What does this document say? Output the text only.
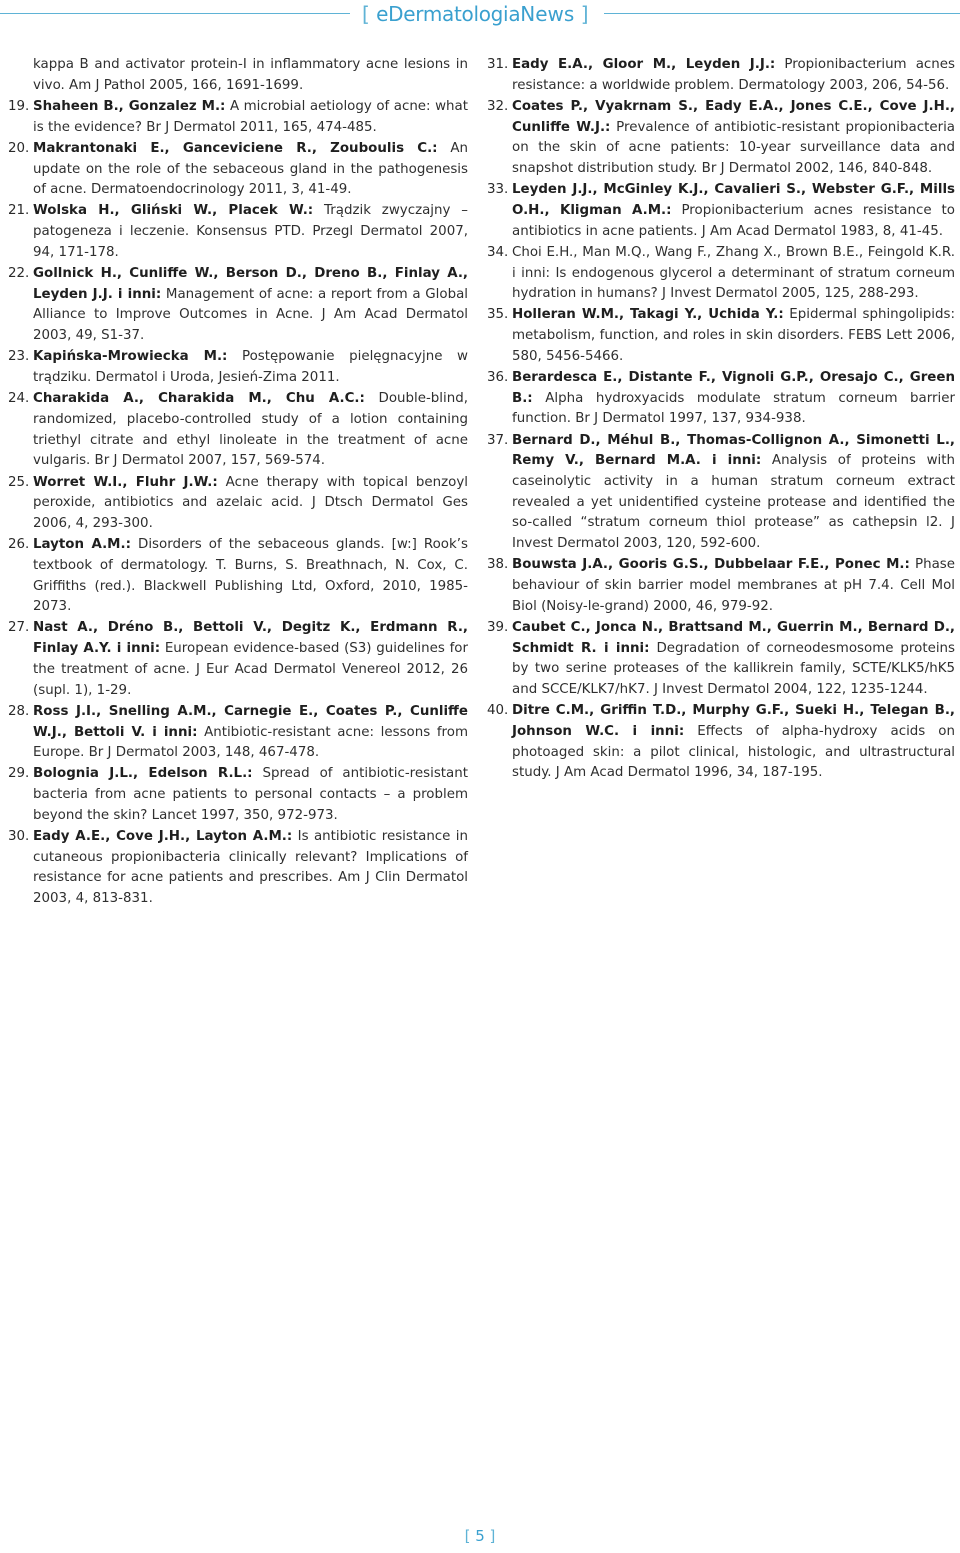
[ eDermatologiaNews ]
kappa B and activator protein-I in inflammatory acne lesions in vivo. Am J Pathol 2005, 166, 1691-1699.
19. Shaheen B., Gonzalez M.: A microbial aetiology of acne: what is the evidence? Br J Dermatol 2011, 165, 474-485.
20. Makrantonaki E., Ganceviciene R., Zouboulis C.: An update on the role of the sebaceous gland in the pathogenesis of acne. Dermatoendocrinology 2011, 3, 41-49.
21. Wolska H., Gliński W., Placek W.: Trądzik zwyczajny – patogeneza i leczenie. Konsensus PTD. Przegl Dermatol 2007, 94, 171-178.
22. Gollnick H., Cunliffe W., Berson D., Dreno B., Finlay A., Leyden J.J. i inni: Management of acne: a report from a Global Alliance to Improve Outcomes in Acne. J Am Acad Dermatol 2003, 49, S1-37.
23. Kapińska-Mrowiecka M.: Postępowanie pielęgnacyjne w trądziku. Dermatol i Uroda, Jesień-Zima 2011.
24. Charakida A., Charakida M., Chu A.C.: Double-blind, randomized, placebo-controlled study of a lotion containing triethyl citrate and ethyl linoleate in the treatment of acne vulgaris. Br J Dermatol 2007, 157, 569-574.
25. Worret W.I., Fluhr J.W.: Acne therapy with topical benzoyl peroxide, antibiotics and azelaic acid. J Dtsch Dermatol Ges 2006, 4, 293-300.
26. Layton A.M.: Disorders of the sebaceous glands. [w:] Rook’s textbook of dermatology. T. Burns, S. Breathnach, N. Cox, C. Griffiths (red.). Blackwell Publishing Ltd, Oxford, 2010, 1985-2073.
27. Nast A., Dréno B., Bettoli V., Degitz K., Erdmann R., Finlay A.Y. i inni: European evidence-based (S3) guidelines for the treatment of acne. J Eur Acad Dermatol Venereol 2012, 26 (supl. 1), 1-29.
28. Ross J.I., Snelling A.M., Carnegie E., Coates P., Cunliffe W.J., Bettoli V. i inni: Antibiotic-resistant acne: lessons from Europe. Br J Dermatol 2003, 148, 467-478.
29. Bolognia J.L., Edelson R.L.: Spread of antibiotic-resistant bacteria from acne patients to personal contacts – a problem beyond the skin? Lancet 1997, 350, 972-973.
30. Eady A.E., Cove J.H., Layton A.M.: Is antibiotic resistance in cutaneous propionibacteria clinically relevant? Implications of resistance for acne patients and prescribes. Am J Clin Dermatol 2003, 4, 813-831.
31. Eady E.A., Gloor M., Leyden J.J.: Propionibacterium acnes resistance: a worldwide problem. Dermatology 2003, 206, 54-56.
32. Coates P., Vyakrnam S., Eady E.A., Jones C.E., Cove J.H., Cunliffe W.J.: Prevalence of antibiotic-resistant propionibacteria on the skin of acne patients: 10-year surveillance data and snapshot distribution study. Br J Dermatol 2002, 146, 840-848.
33. Leyden J.J., McGinley K.J., Cavalieri S., Webster G.F., Mills O.H., Kligman A.M.: Propionibacterium acnes resistance to antibiotics in acne patients. J Am Acad Dermatol 1983, 8, 41-45.
34. Choi E.H., Man M.Q., Wang F., Zhang X., Brown B.E., Feingold K.R. i inni: Is endogenous glycerol a determinant of stratum corneum hydration in humans? J Invest Dermatol 2005, 125, 288-293.
35. Holleran W.M., Takagi Y., Uchida Y.: Epidermal sphingolipids: metabolism, function, and roles in skin disorders. FEBS Lett 2006, 580, 5456-5466.
36. Berardesca E., Distante F., Vignoli G.P., Oresajo C., Green B.: Alpha hydroxyacids modulate stratum corneum barrier function. Br J Dermatol 1997, 137, 934-938.
37. Bernard D., Méhul B., Thomas-Collignon A., Simonetti L., Remy V., Bernard M.A. i inni: Analysis of proteins with caseinolytic activity in a human stratum corneum extract revealed a yet unidentified cysteine protease and identified the so-called “stratum corneum thiol protease” as cathepsin l2. J Invest Dermatol 2003, 120, 592-600.
38. Bouwsta J.A., Gooris G.S., Dubbelaar F.E., Ponec M.: Phase behaviour of skin barrier model membranes at pH 7.4. Cell Mol Biol (Noisy-le-grand) 2000, 46, 979-92.
39. Caubet C., Jonca N., Brattsand M., Guerrin M., Bernard D., Schmidt R. i inni: Degradation of corneodesmosome proteins by two serine proteases of the kallikrein family, SCTE/KLK5/hK5 and SCCE/KLK7/hK7. J Invest Dermatol 2004, 122, 1235-1244.
40. Ditre C.M., Griffin T.D., Murphy G.F., Sueki H., Telegan B., Johnson W.C. i inni: Effects of alpha-hydroxy acids on photoaged skin: a pilot clinical, histologic, and ultrastructural study. J Am Acad Dermatol 1996, 34, 187-195.
[ 5 ]
